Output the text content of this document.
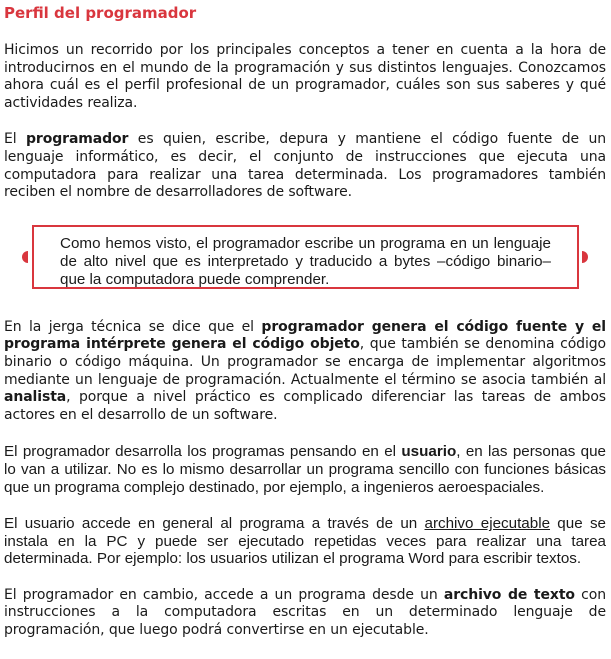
Perfil del programador

Hicimos un recorrido por los principales conceptos a tener en cuenta a la hora de introducirnos en el mundo de la programación y sus distintos lenguajes. Conozcamos ahora cuál es el perfil profesional de un programador, cuáles son sus saberes y qué actividades realiza.

El programador es quien, escribe, depura y mantiene el código fuente de un lenguaje informático, es decir, el conjunto de instrucciones que ejecuta una computadora para realizar una tarea determinada. Los programadores también reciben el nombre de desarrolladores de software.

Como hemos visto, el programador escribe un programa en un lenguaje de alto nivel que es interpretado y traducido a bytes –código binario– que la computadora puede comprender.

En la jerga técnica se dice que el programador genera el código fuente y el programa intérprete genera el código objeto, que también se denomina código binario o código máquina. Un programador se encarga de implementar algoritmos mediante un lenguaje de programación. Actualmente el término se asocia también al analista, porque a nivel práctico es complicado diferenciar las tareas de ambos actores en el desarrollo de un software.

El programador desarrolla los programas pensando en el usuario, en las personas que lo van a utilizar. No es lo mismo desarrollar un programa sencillo con funciones básicas que un programa complejo destinado, por ejemplo, a ingenieros aeroespaciales.

El usuario accede en general al programa a través de un archivo ejecutable que se instala en la PC y puede ser ejecutado repetidas veces para realizar una tarea determinada. Por ejemplo: los usuarios utilizan el programa Word para escribir textos.

El programador en cambio, accede a un programa desde un archivo de texto con instrucciones a la computadora escritas en un determinado lenguaje de programación, que luego podrá convertirse en un ejecutable.
